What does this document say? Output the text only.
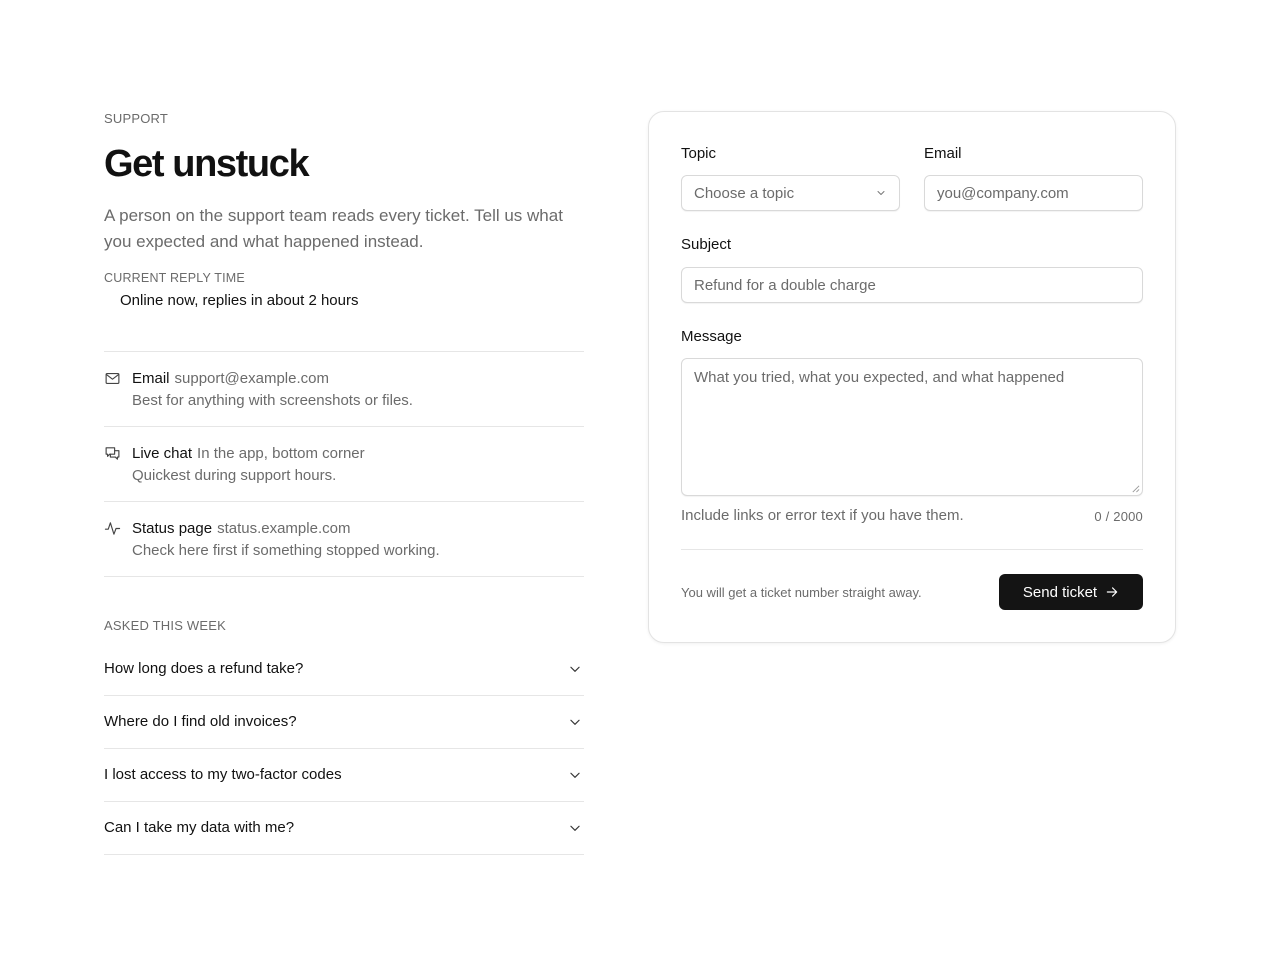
SUPPORT
Get unstuck

A person on the support team reads every ticket. Tell us what you expected and what happened instead.

CURRENT REPLY TIME
Online now, replies in about 2 hours
Email support@example.com
Best for anything with screenshots or files.
Live chat In the app, bottom corner
Quickest during support hours.
Status page status.example.com
Check here first if something stopped working.
ASKED THIS WEEK
How long does a refund take?
Where do I find old invoices?
I lost access to my two-factor codes
Can I take my data with me?
Topic
Choose a topic
Email
you@company.com
Subject
Refund for a double charge
Message
What you tried, what you expected, and what happened
Include links or error text if you have them.	0 / 2000
You will get a ticket number straight away.	Send ticket
